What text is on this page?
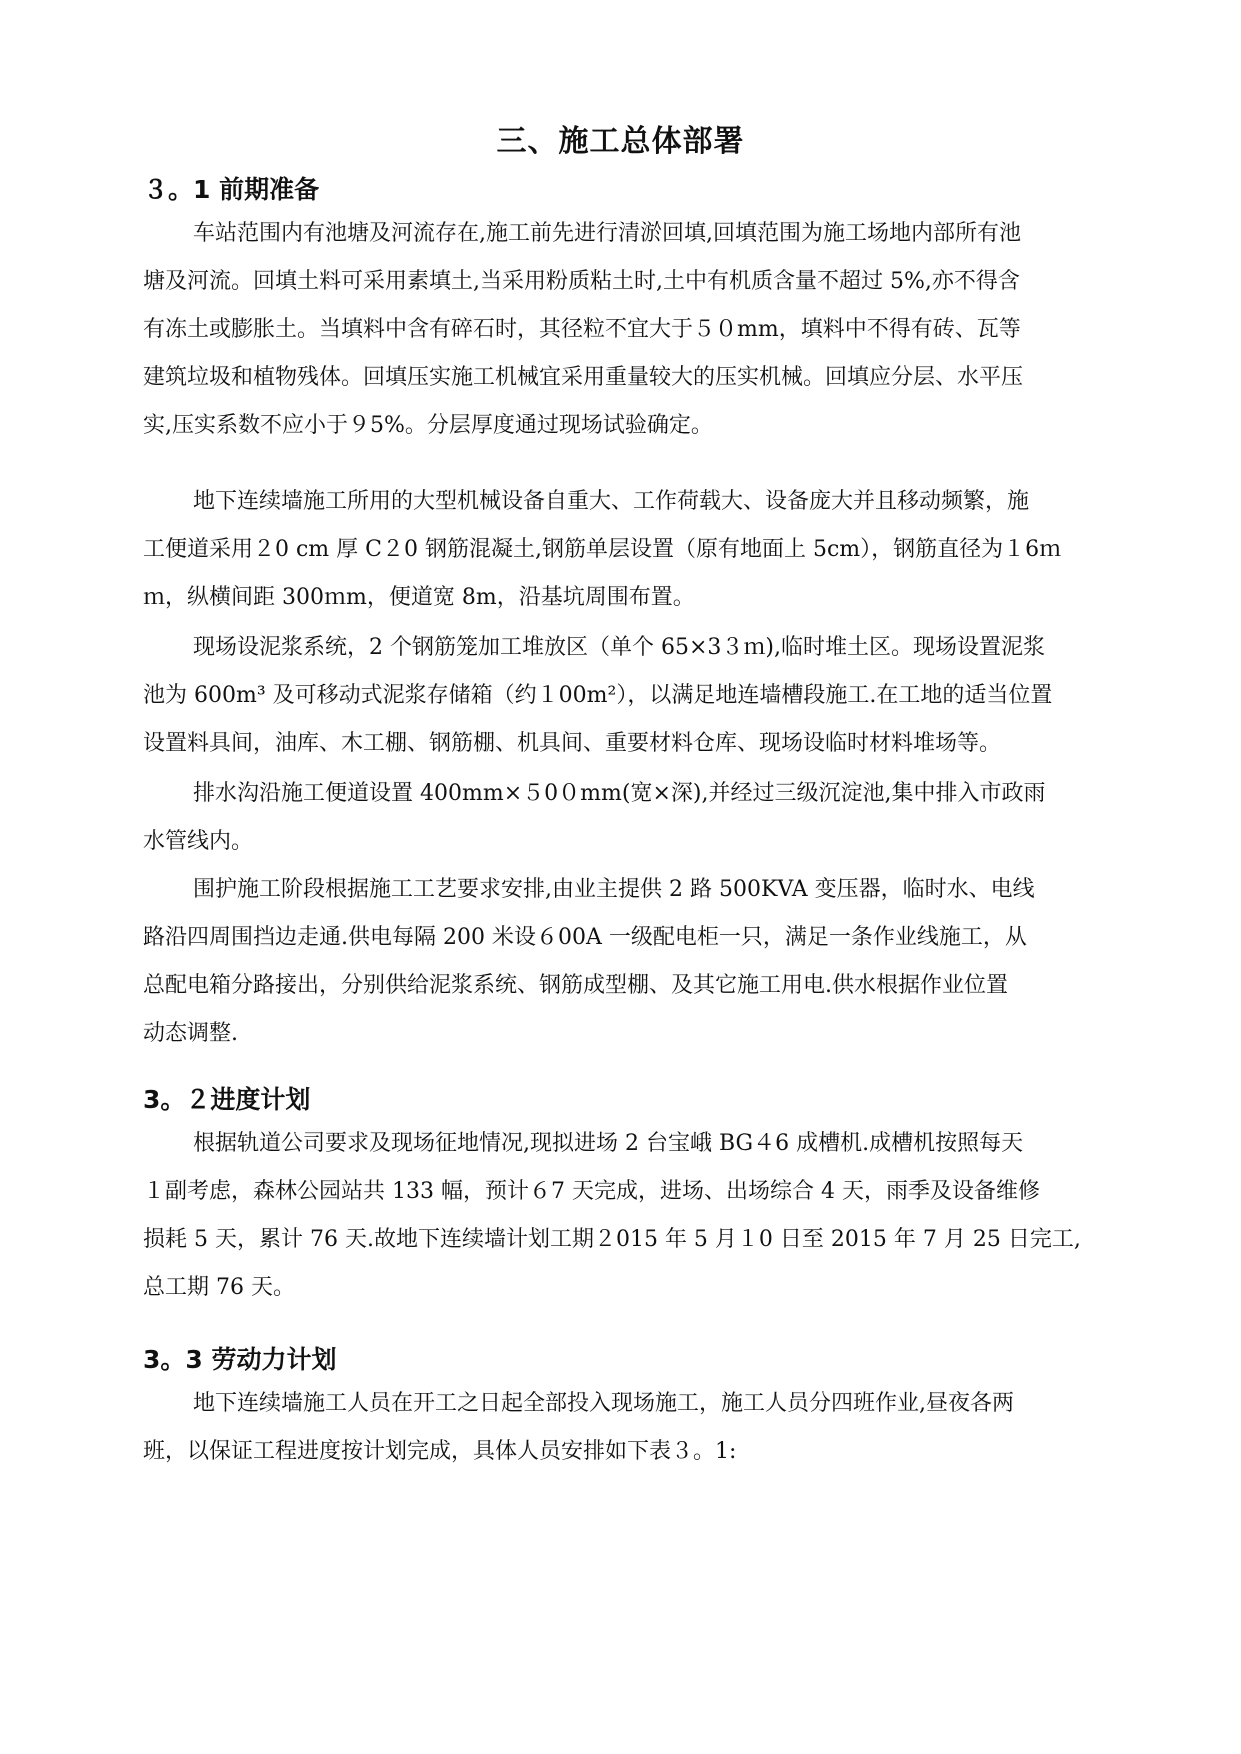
三、施工总体部署
３。1 前期准备
车站范围内有池塘及河流存在,施工前先进行清淤回填,回填范围为施工场地内部所有池
塘及河流。回填土料可采用素填土,当采用粉质粘土时,土中有机质含量不超过 5%,亦不得含
有冻土或膨胀土。当填料中含有碎石时，其径粒不宜大于５０mm，填料中不得有砖、瓦等
建筑垃圾和植物残体。回填压实施工机械宜采用重量较大的压实机械。回填应分层、水平压
实,压实系数不应小于９5%。分层厚度通过现场试验确定。
地下连续墙施工所用的大型机械设备自重大、工作荷载大、设备庞大并且移动频繁，施
工便道采用２0 cm 厚 C２0 钢筋混凝土,钢筋单层设置（原有地面上 5cm），钢筋直径为１6ｍ
ｍ，纵横间距 300ｍm，便道宽 8m，沿基坑周围布置。
现场设泥浆系统，2 个钢筋笼加工堆放区（单个 65×3３ｍ),临时堆土区。现场设置泥浆
池为 600m³ 及可移动式泥浆存储箱（约１00m²），以满足地连墙槽段施工.在工地的适当位置
设置料具间，油库、木工棚、钢筋棚、机具间、重要材料仓库、现场设临时材料堆场等。
排水沟沿施工便道设置 400mm×５0０mm(宽×深),并经过三级沉淀池,集中排入市政雨
水管线内。
围护施工阶段根据施工工艺要求安排,由业主提供 2 路 500KVA 变压器，临时水、电线
路沿四周围挡边走通.供电每隔 200 米设６00A 一级配电柜一只，满足一条作业线施工，从
总配电箱分路接出，分别供给泥浆系统、钢筋成型棚、及其它施工用电.供水根据作业位置
动态调整.
3。２进度计划
根据轨道公司要求及现场征地情况,现拟进场 2 台宝峨 BG４6 成槽机.成槽机按照每天
１副考虑，森林公园站共 133 幅，预计６7 天完成，进场、出场综合 4 天，雨季及设备维修
损耗 5 天，累计 76 天.故地下连续墙计划工期２015 年 5 月１0 日至 2015 年 7 月 25 日完工,
总工期 76 天。
3。3 劳动力计划
地下连续墙施工人员在开工之日起全部投入现场施工，施工人员分四班作业,昼夜各两
班，以保证工程进度按计划完成，具体人员安排如下表３。1:
